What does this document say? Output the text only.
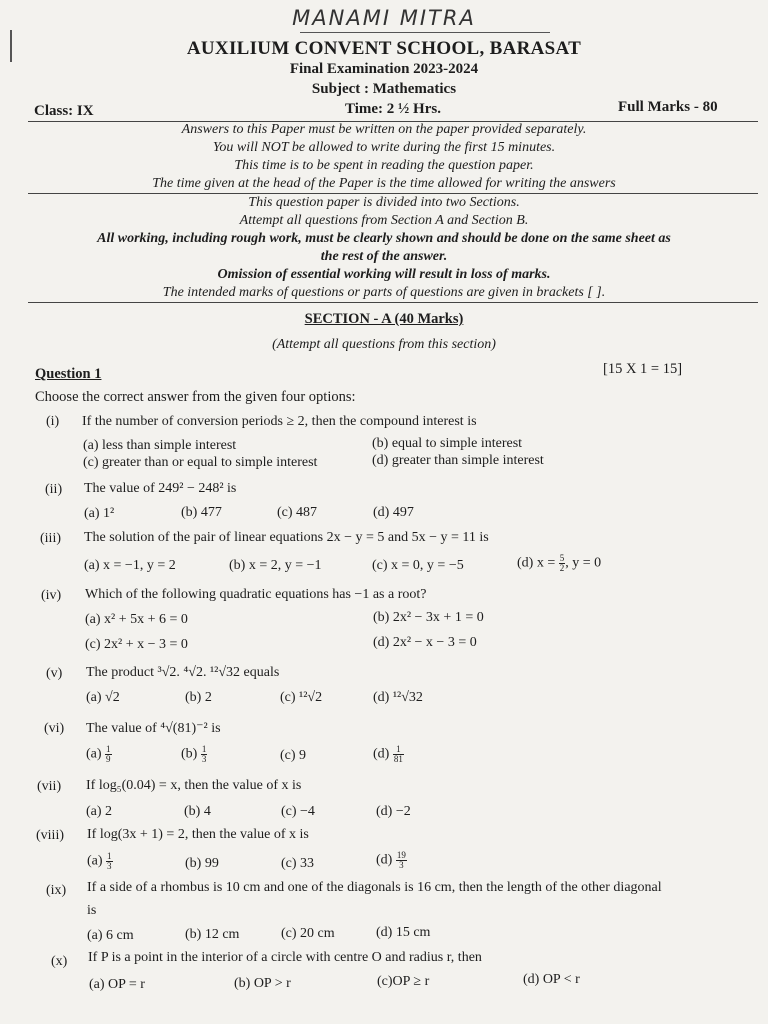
MANAMI MITRA
AUXILIUM CONVENT SCHOOL, BARASAT
Final Examination 2023-2024
Subject : Mathematics
Class: IX	Time: 2 ½ Hrs.	Full Marks - 80
Answers to this Paper must be written on the paper provided separately.
You will NOT be allowed to write during the first 15 minutes.
This time is to be spent in reading the question paper.
The time given at the head of the Paper is the time allowed for writing the answers
This question paper is divided into two Sections.
Attempt all questions from Section A and Section B.
All working, including rough work, must be clearly shown and should be done on the same sheet as
the rest of the answer.
Omission of essential working will result in loss of marks.
The intended marks of questions or parts of questions are given in brackets [ ].
SECTION - A (40 Marks)
(Attempt all questions from this section)
Question 1	[15 X 1 = 15]
Choose the correct answer from the given four options:
(i) If the number of conversion periods ≥ 2, then the compound interest is
(a) less than simple interest	(b) equal to simple interest
(c) greater than or equal to simple interest	(d) greater than simple interest
(ii) The value of 249² − 248² is
(a) 1²	(b) 477	(c) 487	(d) 497
(iii) The solution of the pair of linear equations 2x − y = 5 and 5x − y = 11 is
(a) x = −1, y = 2	(b) x = 2, y = −1	(c) x = 0, y = −5	(d) $x = \frac{5}{2}$ , y = 0
(iv) Which of the following quadratic equations has −1 as a root?
(a) x² + 5x + 6 = 0	(b) 2x² − 3x + 1 = 0
(c) 2x² + x − 3 = 0	(d) 2x² − x − 3 = 0
(v) The product ³√2. ⁴√2. ¹²√32 equals
(a) √2	(b) 2	(c) ¹²√2	(d) ¹²√32
(vi) The value of ⁴√(81)⁻² is
$(a) \frac{1}{9}$	$(b) \frac{1}{3}$	(c) 9	$(d) \frac{1}{81}$
(vii) If log₅(0.04) = x, then the value of x is
(a) 2	(b) 4	(c) −4	(d) −2
(viii) If log(3x + 1) = 2, then the value of x is
$(a) \frac{1}{3}$	(b) 99	(c) 33	$(d) \frac{19}{3}$
(ix) If a side of a rhombus is 10 cm and one of the diagonals is 16 cm, then the length of the other diagonal
is
(a) 6 cm	(b) 12 cm	(c) 20 cm	(d) 15 cm
(x) If P is a point in the interior of a circle with centre O and radius r, then
(a) OP = r	(b) OP > r	(c)OP ≥ r	(d) OP < r
